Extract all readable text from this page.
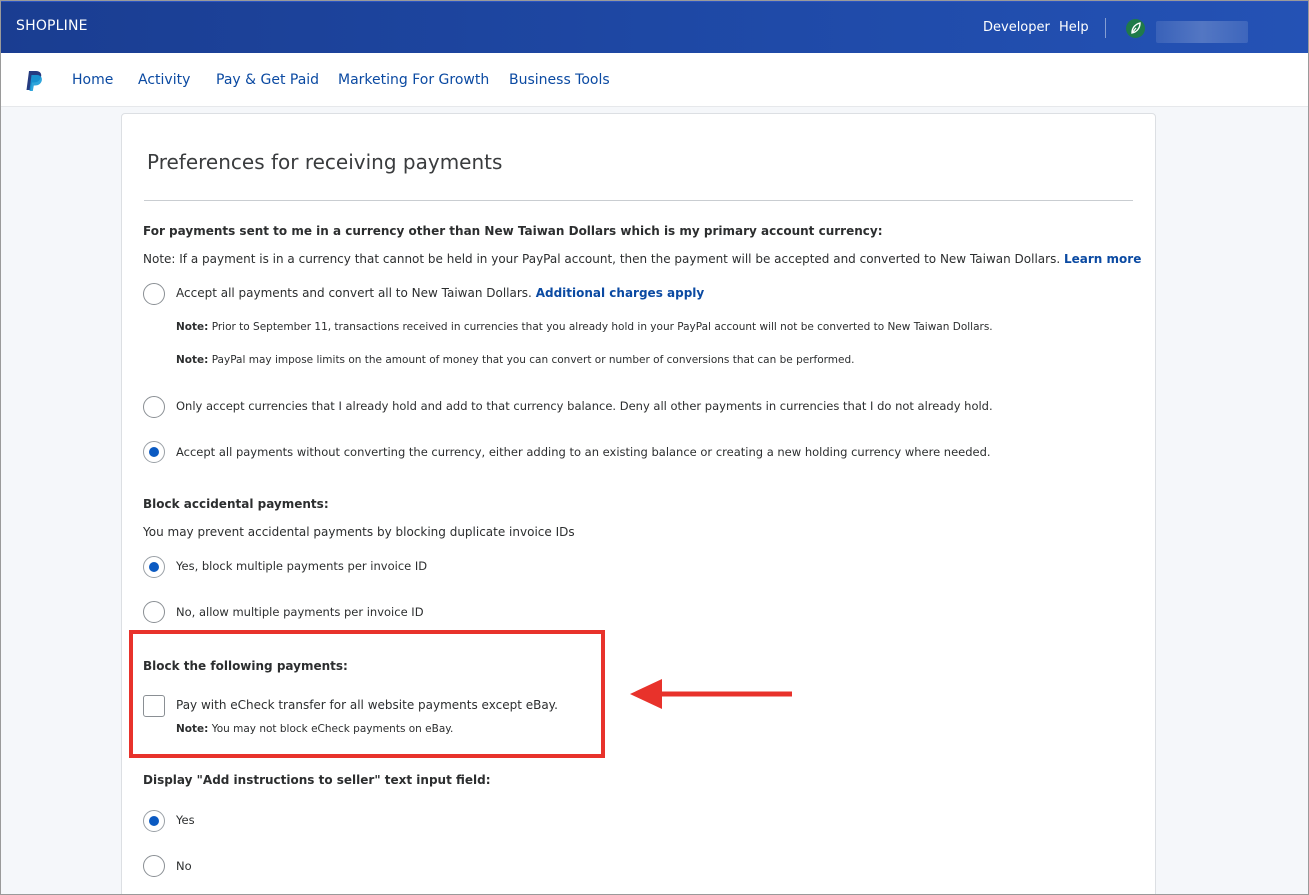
SHOPLINE	Developer Help
Home Activity Pay & Get Paid Marketing For Growth Business Tools
Preferences for receiving payments
For payments sent to me in a currency other than New Taiwan Dollars which is my primary account currency:
Note: If a payment is in a currency that cannot be held in your PayPal account, then the payment will be accepted and converted to New Taiwan Dollars. Learn more
Accept all payments and convert all to New Taiwan Dollars. Additional charges apply
Note: Prior to September 11, transactions received in currencies that you already hold in your PayPal account will not be converted to New Taiwan Dollars.
Note: PayPal may impose limits on the amount of money that you can convert or number of conversions that can be performed.
Only accept currencies that I already hold and add to that currency balance. Deny all other payments in currencies that I do not already hold.
Accept all payments without converting the currency, either adding to an existing balance or creating a new holding currency where needed.
Block accidental payments:
You may prevent accidental payments by blocking duplicate invoice IDs
Yes, block multiple payments per invoice ID
No, allow multiple payments per invoice ID
Block the following payments:
Pay with eCheck transfer for all website payments except eBay.
Note: You may not block eCheck payments on eBay.
Display "Add instructions to seller" text input field:
Yes
No
